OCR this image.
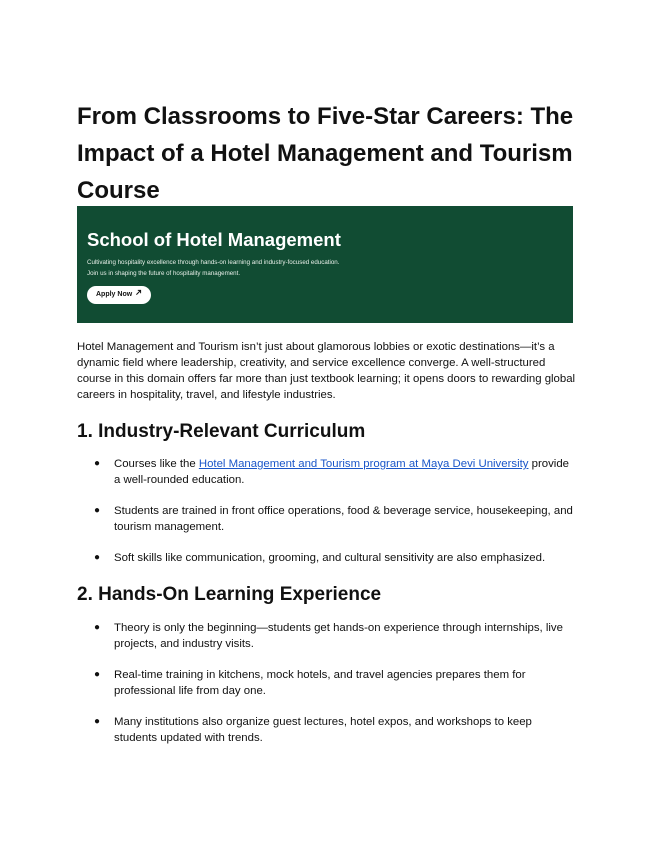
From Classrooms to Five-Star Careers: The Impact of a Hotel Management and Tourism Course
School of Hotel Management
Cultivating hospitality excellence through hands-on learning and industry-focused education.
Join us in shaping the future of hospitality management.
Apply Now

Hotel Management and Tourism isn’t just about glamorous lobbies or exotic destinations—it’s a dynamic field where leadership, creativity, and service excellence converge. A well-structured course in this domain offers far more than just textbook learning; it opens doors to rewarding global careers in hospitality, travel, and lifestyle industries.

1. Industry-Relevant Curriculum
● Courses like the Hotel Management and Tourism program at Maya Devi University provide a well-rounded education.
● Students are trained in front office operations, food & beverage service, housekeeping, and tourism management.
● Soft skills like communication, grooming, and cultural sensitivity are also emphasized.
2. Hands-On Learning Experience
● Theory is only the beginning—students get hands-on experience through internships, live projects, and industry visits.
● Real-time training in kitchens, mock hotels, and travel agencies prepares them for professional life from day one.
● Many institutions also organize guest lectures, hotel expos, and workshops to keep students updated with trends.
